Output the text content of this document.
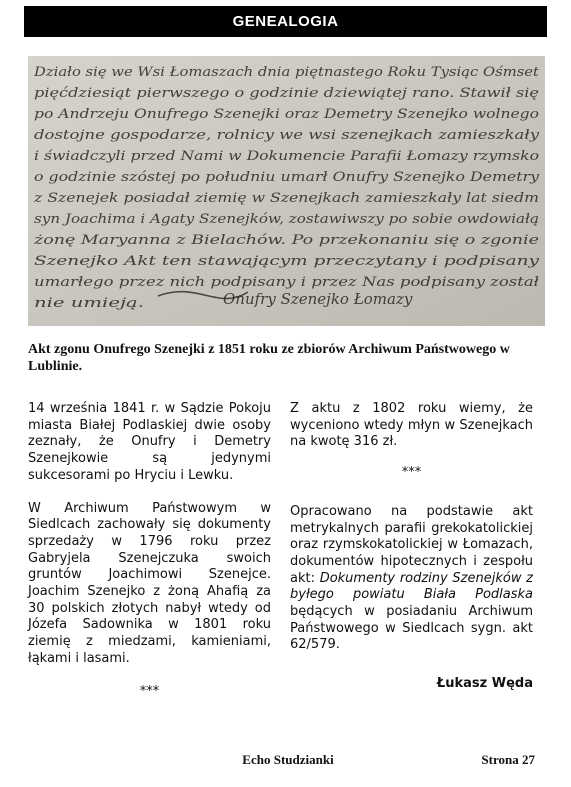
GENEALOGIA
Działo się we Wsi Łomaszach dnia piętnastego Roku Tysiąc Ośmset
pięćdziesiąt pierwszego o godzinie dziewiątej rano. Stawił się
po Andrzeju Onufrego Szenejki oraz Demetry Szenejko wolnego
dostojne gospodarze, rolnicy we wsi szenejkach zamieszkały
i świadczyli przed Nami w Dokumencie Parafii Łomazy rzymsko
o godzinie szóstej po południu umarł Onufry Szenejko Demetry
z Szenejek posiadał ziemię w Szenejkach zamieszkały lat siedm
syn Joachima i Agaty Szenejków, zostawiwszy po sobie owdowiałą
żonę Maryanna z Bielachów. Po przekonaniu się o zgonie
Szenejko Akt ten stawającym przeczytany i podpisany
umarłego przez nich podpisany i przez Nas podpisany został
nie umieją.	Onufry Szenejko Łomazy
Akt zgonu Onufrego Szenejki z 1851 roku ze zbiorów Archiwum Państwowego w Lublinie.

14 września 1841 r. w Sądzie Pokoju miasta Białej Podlaskiej dwie osoby zeznały, że Onufry i Demetry Szenejkowie są jedynymi sukcesorami po Hryciu i Lewku.

W Archiwum Państwowym w Siedlcach zachowały się dokumenty sprzedaży w 1796 roku przez Gabryjela Szenejczuka swoich gruntów Joachimowi Szenejce. Joachim Szenejko z żoną Ahafią za 30 polskich złotych nabył wtedy od Józefa Sadownika w 1801 roku ziemię z miedzami, kamieniami, łąkami i lasami.

***

Z aktu z 1802 roku wiemy, że wyceniono wtedy młyn w Szenejkach na kwotę 316 zł.

***

Opracowano na podstawie akt metrykalnych parafii grekokatolickiej oraz rzymskokatolickiej w Łomazach, dokumentów hipotecznych i zespołu akt: Dokumenty rodziny Szenejków z byłego powiatu Biała Podlaska będących w posiadaniu Archiwum Państwowego w Siedlcach sygn. akt 62/579.

Łukasz Węda

Echo Studzianki	Strona 27
